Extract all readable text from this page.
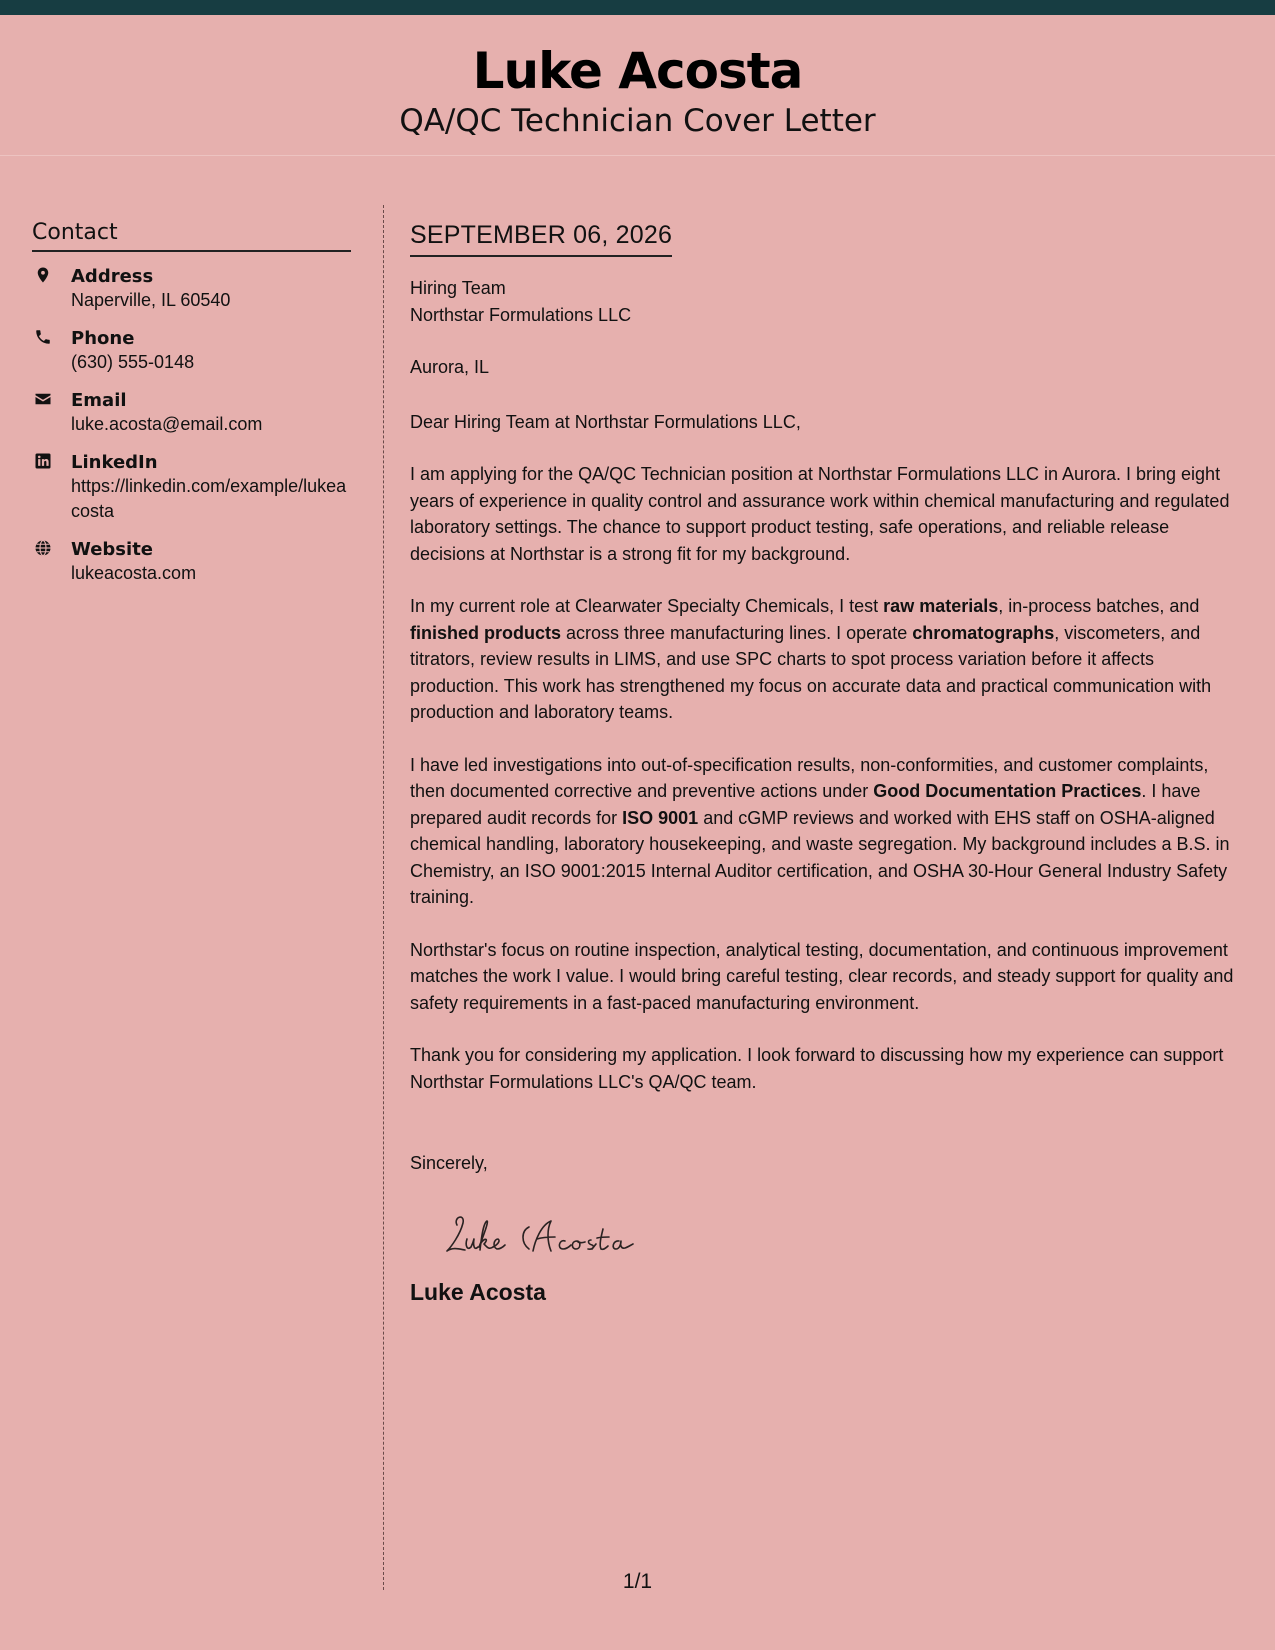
Luke Acosta
QA/QC Technician Cover Letter
Contact
Address
Naperville, IL 60540
Phone
(630) 555-0148
Email
luke.acosta@email.com
LinkedIn
https://linkedin.com/example/lukeacosta
Website
lukeacosta.com
SEPTEMBER 06, 2026
Hiring Team
Northstar Formulations LLC
Aurora, IL
Dear Hiring Team at Northstar Formulations LLC,
I am applying for the QA/QC Technician position at Northstar Formulations LLC in Aurora. I bring eight years of experience in quality control and assurance work within chemical manufacturing and regulated laboratory settings. The chance to support product testing, safe operations, and reliable release decisions at Northstar is a strong fit for my background.
In my current role at Clearwater Specialty Chemicals, I test raw materials, in-process batches, and finished products across three manufacturing lines. I operate chromatographs, viscometers, and titrators, review results in LIMS, and use SPC charts to spot process variation before it affects production. This work has strengthened my focus on accurate data and practical communication with production and laboratory teams.
I have led investigations into out-of-specification results, non-conformities, and customer complaints, then documented corrective and preventive actions under Good Documentation Practices. I have prepared audit records for ISO 9001 and cGMP reviews and worked with EHS staff on OSHA-aligned chemical handling, laboratory housekeeping, and waste segregation. My background includes a B.S. in Chemistry, an ISO 9001:2015 Internal Auditor certification, and OSHA 30-Hour General Industry Safety training.
Northstar's focus on routine inspection, analytical testing, documentation, and continuous improvement matches the work I value. I would bring careful testing, clear records, and steady support for quality and safety requirements in a fast-paced manufacturing environment.
Thank you for considering my application. I look forward to discussing how my experience can support Northstar Formulations LLC's QA/QC team.
Sincerely,
Luke Acosta
1/1
